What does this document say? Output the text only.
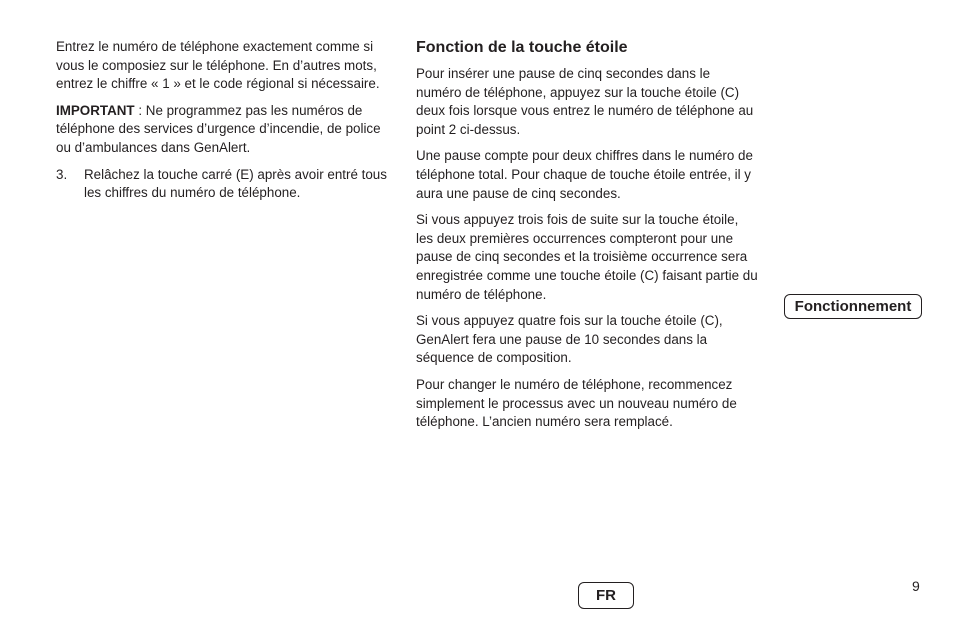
Entrez le numéro de téléphone exactement comme si vous le composiez sur le téléphone. En d’autres mots, entrez le chiffre « 1 » et le code régional si nécessaire.

IMPORTANT : Ne programmez pas les numéros de téléphone des services d’urgence d’incendie, de police ou d’ambulances dans GenAlert.

3.	Relâchez la touche carré (E) après avoir entré tous les chiffres du numéro de téléphone.
Fonction de la touche étoile

Pour insérer une pause de cinq secondes dans le numéro de téléphone, appuyez sur la touche étoile (C) deux fois lorsque vous entrez le numéro de téléphone au point 2 ci-dessus.

Une pause compte pour deux chiffres dans le numéro de téléphone total. Pour chaque de touche étoile entrée, il y aura une pause de cinq secondes.

Si vous appuyez trois fois de suite sur la touche étoile, les deux premières occurrences compteront pour une pause de cinq secondes et la troisième occurrence sera enregistrée comme une touche étoile (C) faisant partie du numéro de téléphone.

Si vous appuyez quatre fois sur la touche étoile (C), GenAlert fera une pause de 10 secondes dans la séquence de composition.

Pour changer le numéro de téléphone, recommencez simplement le processus avec un nouveau numéro de téléphone. L’ancien numéro sera remplacé.

Fonctionnement
FR
9
